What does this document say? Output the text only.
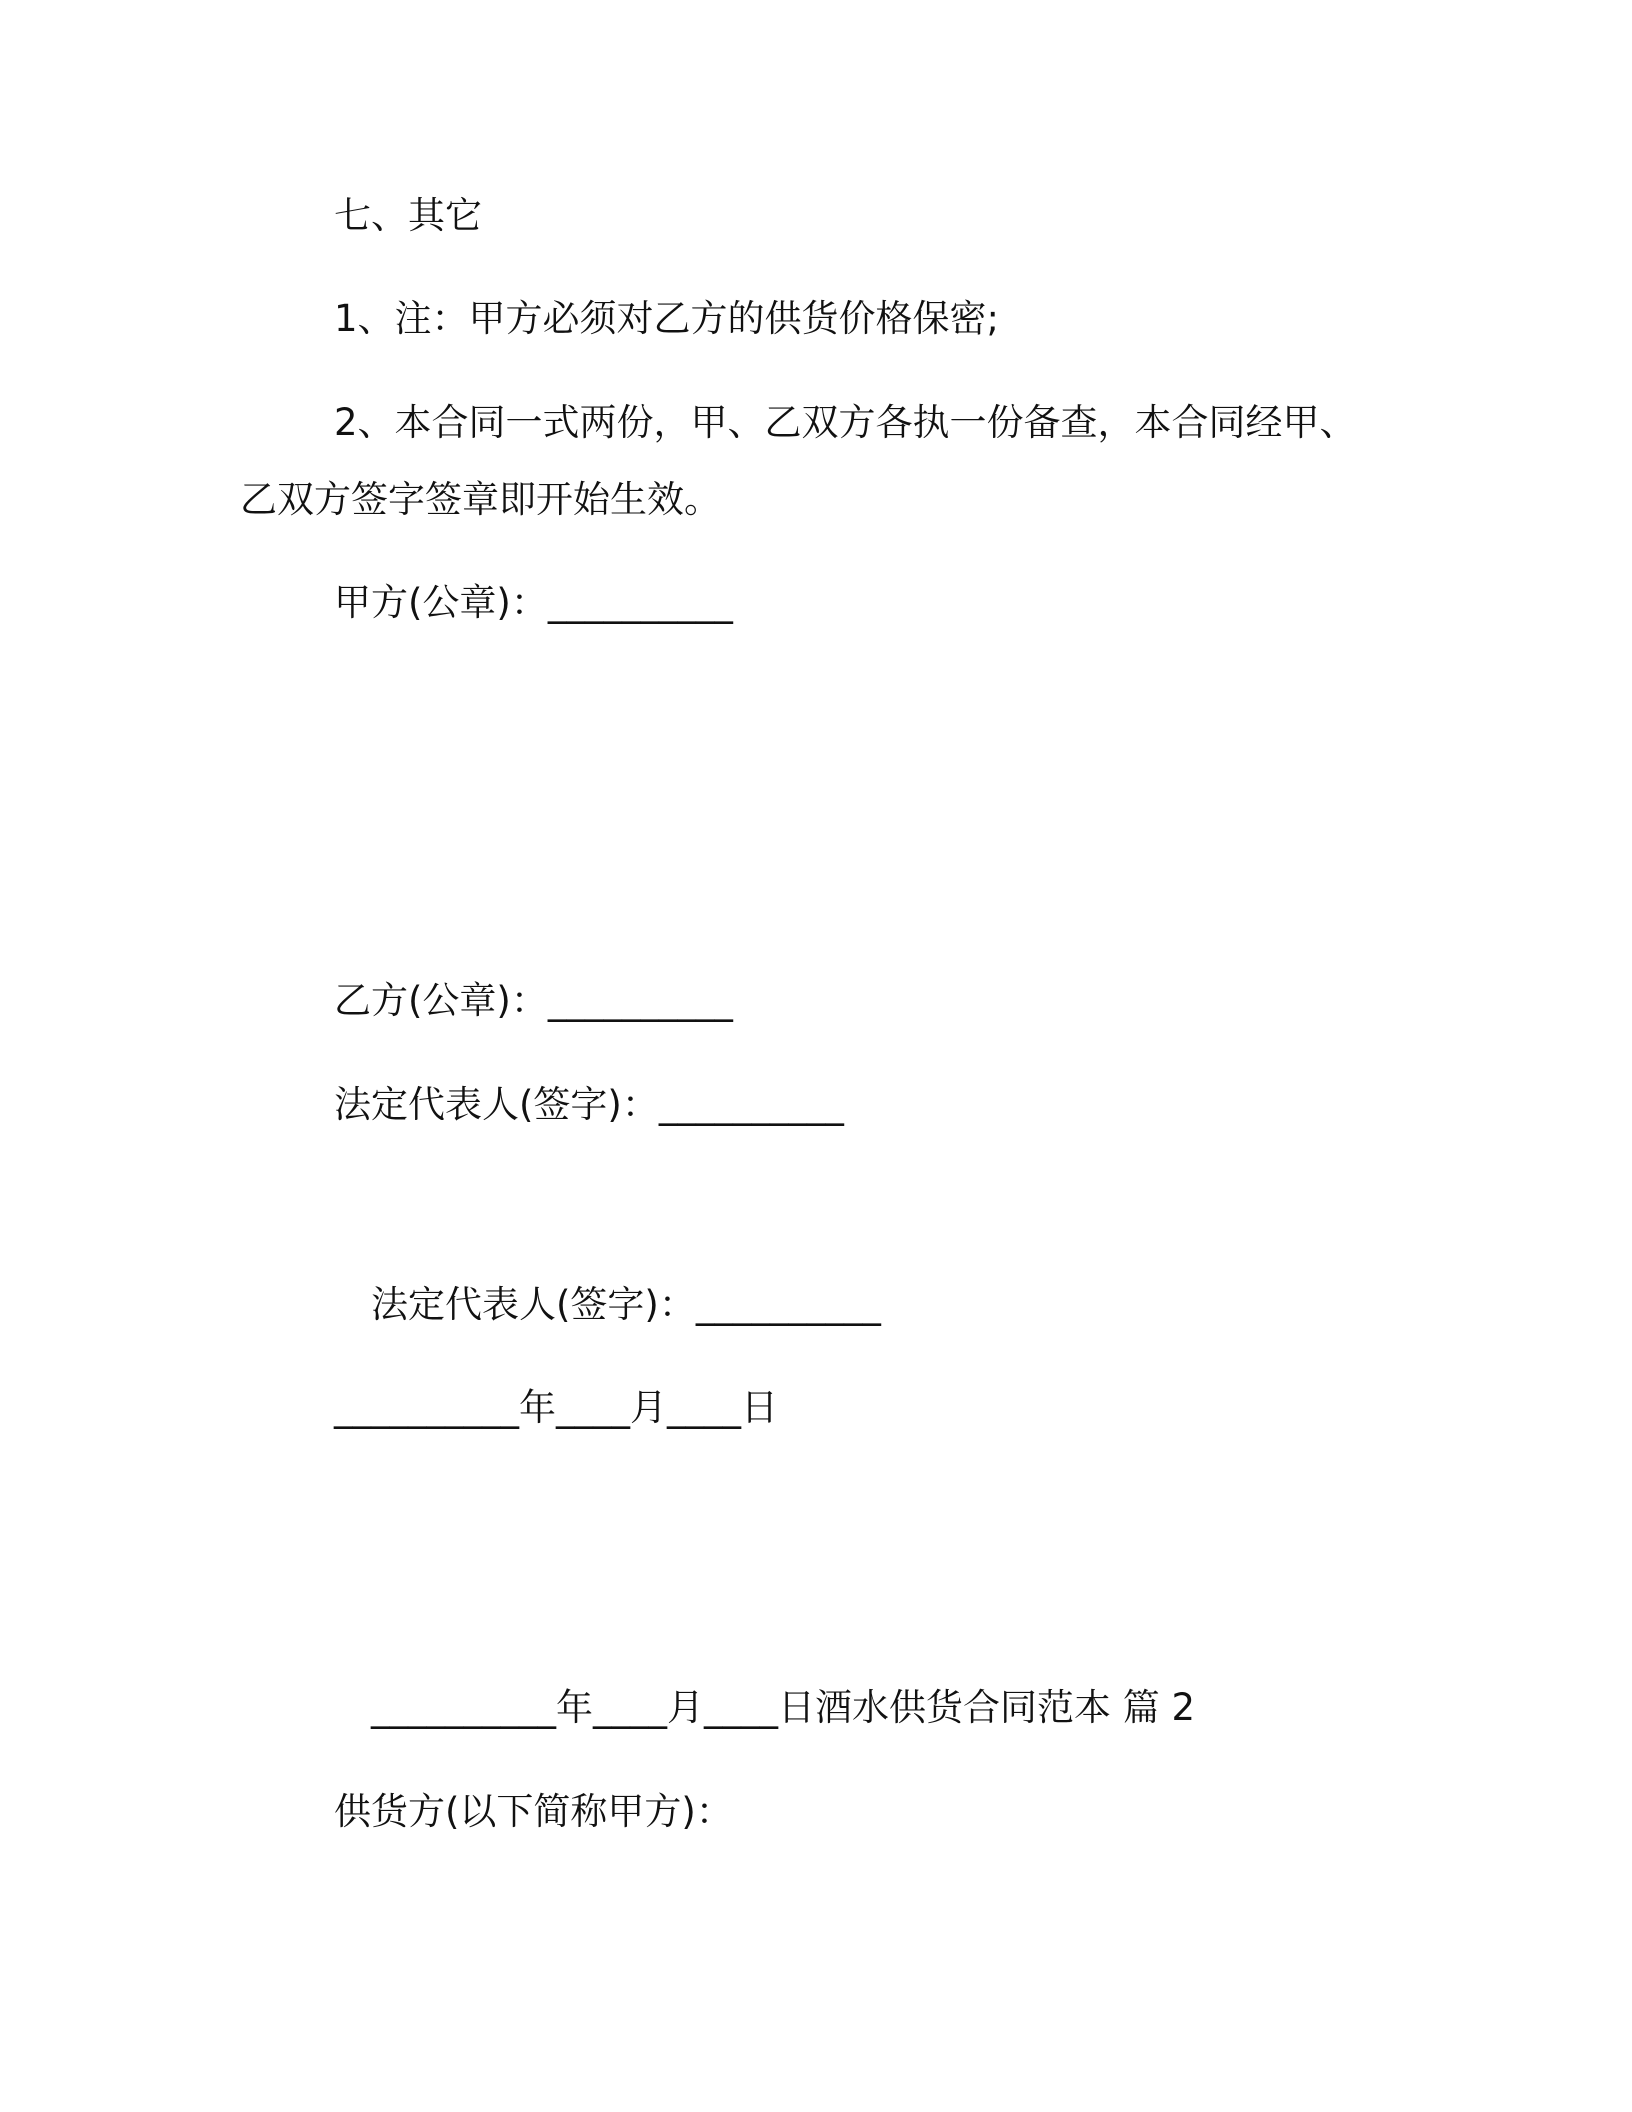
七、其它
1、注：甲方必须对乙方的供货价格保密;
2、本合同一式两份，甲、乙双方各执一份备查，本合同经甲、
乙双方签字签章即开始生效。
甲方(公章)：__________
乙方(公章)：__________
法定代表人(签字)：__________
法定代表人(签字)：__________
__________年____月____日
__________年____月____日酒水供货合同范本 篇 2
供货方(以下简称甲方)：
